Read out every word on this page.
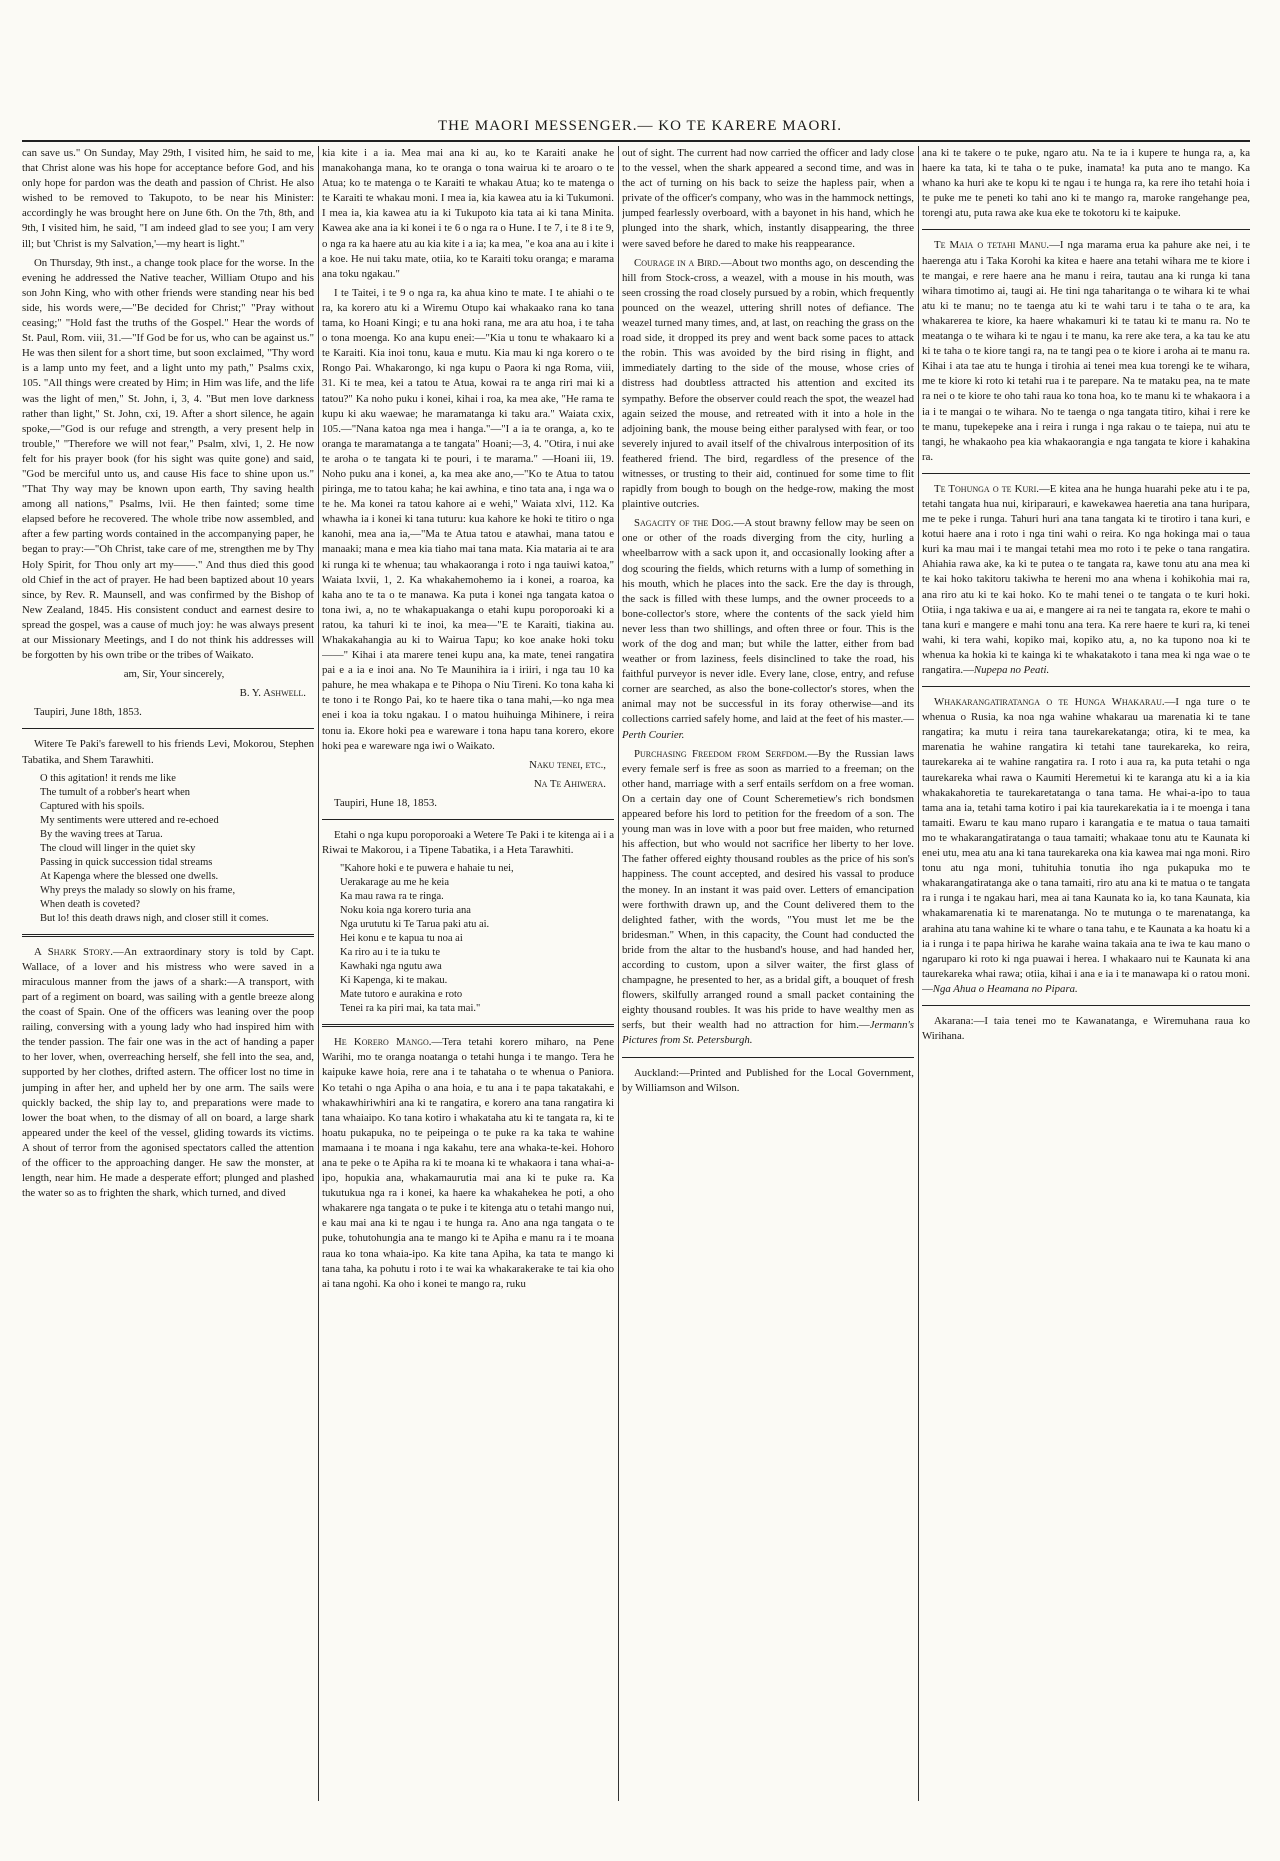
THE MAORI MESSENGER.— KO TE KARERE MAORI.

can save us." On Sunday, May 29th, I visited him, he said to me, that Christ alone was his hope for acceptance before God, and his only hope for pardon was the death and passion of Christ. He also wished to be removed to Takupoto, to be near his Minister: accordingly he was brought here on June 6th. On the 7th, 8th, and 9th, I visited him, he said, "I am indeed glad to see you; I am very ill; but 'Christ is my Salvation,'—my heart is light."

On Thursday, 9th inst., a change took place for the worse. In the evening he addressed the Native teacher, William Otupo and his son John King, who with other friends were standing near his bed side, his words were,—"Be decided for Christ;" "Pray without ceasing;" "Hold fast the truths of the Gospel." Hear the words of St. Paul, Rom. viii, 31.—"If God be for us, who can be against us." He was then silent for a short time, but soon exclaimed, "Thy word is a lamp unto my feet, and a light unto my path," Psalms cxix, 105. "All things were created by Him; in Him was life, and the life was the light of men," St. John, i, 3, 4. "But men love darkness rather than light," St. John, cxi, 19. After a short silence, he again spoke,—"God is our refuge and strength, a very present help in trouble," "Therefore we will not fear," Psalm, xlvi, 1, 2. He now felt for his prayer book (for his sight was quite gone) and said, "God be merciful unto us, and cause His face to shine upon us." "That Thy way may be known upon earth, Thy saving health among all nations," Psalms, lvii. He then fainted; some time elapsed before he recovered. The whole tribe now assembled, and after a few parting words contained in the accompanying paper, he began to pray:—"Oh Christ, take care of me, strengthen me by Thy Holy Spirit, for Thou only art my——." And thus died this good old Chief in the act of prayer. He had been baptized about 10 years since, by Rev. R. Maunsell, and was confirmed by the Bishop of New Zealand, 1845. His consistent conduct and earnest desire to spread the gospel, was a cause of much joy: he was always present at our Missionary Meetings, and I do not think his addresses will be forgotten by his own tribe or the tribes of Waikato.

am, Sir, Your sincerely,

B. Y. Ashwell.

Taupiri, June 18th, 1853.

Witere Te Paki's farewell to his friends Levi, Mokorou, Stephen Tabatika, and Shem Tarawhiti.

O this agitation! it rends me like
The tumult of a robber's heart when
Captured with his spoils.
My sentiments were uttered and re-echoed
By the waving trees at Tarua.
The cloud will linger in the quiet sky
Passing in quick succession tidal streams
At Kapenga where the blessed one dwells.
Why preys the malady so slowly on his frame,
When death is coveted?
But lo! this death draws nigh, and closer still it comes.

A Shark Story.—An extraordinary story is told by Capt. Wallace, of a lover and his mistress who were saved in a miraculous manner from the jaws of a shark:—A transport, with part of a regiment on board, was sailing with a gentle breeze along the coast of Spain. One of the officers was leaning over the poop railing, conversing with a young lady who had inspired him with the tender passion. The fair one was in the act of handing a paper to her lover, when, overreaching herself, she fell into the sea, and, supported by her clothes, drifted astern. The officer lost no time in jumping in after her, and upheld her by one arm. The sails were quickly backed, the ship lay to, and preparations were made to lower the boat when, to the dismay of all on board, a large shark appeared under the keel of the vessel, gliding towards its victims. A shout of terror from the agonised spectators called the attention of the officer to the approaching danger. He saw the monster, at length, near him. He made a desperate effort; plunged and plashed the water so as to frighten the shark, which turned, and dived

kia kite i a ia. Mea mai ana ki au, ko te Karaiti anake he manakohanga mana, ko te oranga o tona wairua ki te aroaro o te Atua; ko te matenga o te Karaiti te whakau Atua; ko te matenga o te Karaiti te whakau moni. I mea ia, kia kawea atu ia ki Tukumoni. I mea ia, kia kawea atu ia ki Tukupoto kia tata ai ki tana Minita. Kawea ake ana ia ki konei i te 6 o nga ra o Hune. I te 7, i te 8 i te 9, o nga ra ka haere atu au kia kite i a ia; ka mea, "e koa ana au i kite i a koe. He nui taku mate, otiia, ko te Karaiti toku oranga; e marama ana toku ngakau."

I te Taitei, i te 9 o nga ra, ka ahua kino te mate. I te ahiahi o te ra, ka korero atu ki a Wiremu Otupo kai whakaako rana ko tana tama, ko Hoani Kingi; e tu ana hoki rana, me ara atu hoa, i te taha o tona moenga. Ko ana kupu enei:—"Kia u tonu te whakaaro ki a te Karaiti. Kia inoi tonu, kaua e mutu. Kia mau ki nga korero o te Rongo Pai. Whakarongo, ki nga kupu o Paora ki nga Roma, viii, 31. Ki te mea, kei a tatou te Atua, kowai ra te anga riri mai ki a tatou?" Ka noho puku i konei, kihai i roa, ka mea ake, "He rama te kupu ki aku waewae; he maramatanga ki taku ara." Waiata cxix, 105.—"Nana katoa nga mea i hanga."—"I a ia te oranga, a, ko te oranga te maramatanga a te tangata" Hoani;—3, 4. "Otira, i nui ake te aroha o te tangata ki te pouri, i te marama." —Hoani iii, 19. Noho puku ana i konei, a, ka mea ake ano,—"Ko te Atua to tatou piringa, me to tatou kaha; he kai awhina, e tino tata ana, i nga wa o te he. Ma konei ra tatou kahore ai e wehi," Waiata xlvi, 112. Ka whawha ia i konei ki tana tuturu: kua kahore ke hoki te titiro o nga kanohi, mea ana ia,—"Ma te Atua tatou e atawhai, mana tatou e manaaki; mana e mea kia tiaho mai tana mata. Kia mataria ai te ara ki runga ki te whenua; tau whakaoranga i roto i nga tauiwi katoa," Waiata lxvii, 1, 2. Ka whakahemohemo ia i konei, a roaroa, ka kaha ano te ta o te manawa. Ka puta i konei nga tangata katoa o tona iwi, a, no te whakapuakanga o etahi kupu poroporoaki ki a ratou, ka tahuri ki te inoi, ka mea—"E te Karaiti, tiakina au. Whakakahangia au ki to Wairua Tapu; ko koe anake hoki toku——" Kihai i ata marere tenei kupu ana, ka mate, tenei rangatira pai e a ia e inoi ana. No Te Maunihira ia i iriiri, i nga tau 10 ka pahure, he mea whakapa e te Pihopa o Niu Tireni. Ko tona kaha ki te tono i te Rongo Pai, ko te haere tika o tana mahi,—ko nga mea enei i koa ia toku ngakau. I o matou huihuinga Mihinere, i reira tonu ia. Ekore hoki pea e wareware i tona hapu tana korero, ekore hoki pea e wareware nga iwi o Waikato.

Naku tenei, etc.,

Na Te Ahiwera.

Taupiri, Hune 18, 1853.

Etahi o nga kupu poroporoaki a Wetere Te Paki i te kitenga ai i a Riwai te Makorou, i a Tipene Tabatika, i a Heta Tarawhiti.

"Kahore hoki e te puwera e hahaie tu nei,
Uerakarage au me he keia
Ka mau rawa ra te ringa.
Noku koia nga korero turia ana
Nga urututu ki Te Tarua paki atu ai.
Hei konu e te kapua tu noa ai
Ka riro au i te ia tuku te
Kawhaki nga ngutu awa
Ki Kapenga, ki te makau.
Mate tutoro e aurakina e roto
Tenei ra ka piri mai, ka tata mai."

He Korero Mango.—Tera tetahi korero miharo, na Pene Warihi, mo te oranga noatanga o tetahi hunga i te mango. Tera he kaipuke kawe hoia, rere ana i te tahataha o te whenua o Paniora. Ko tetahi o nga Apiha o ana hoia, e tu ana i te papa takatakahi, e whakawhiriwhiri ana ki te rangatira, e korero ana tana rangatira ki tana whaiaipo. Ko tana kotiro i whakataha atu ki te tangata ra, ki te hoatu pukapuka, no te peipeinga o te puke ra ka taka te wahine mamaana i te moana i nga kakahu, tere ana whaka-te-kei. Hohoro ana te peke o te Apiha ra ki te moana ki te whakaora i tana whai-a-ipo, hopukia ana, whakamaurutia mai ana ki te puke ra. Ka tukutukua nga ra i konei, ka haere ka whakahekea he poti, a oho whakarere nga tangata o te puke i te kitenga atu o tetahi mango nui, e kau mai ana ki te ngau i te hunga ra. Ano ana nga tangata o te puke, tohutohungia ana te mango ki te Apiha e manu ra i te moana raua ko tona whaia-ipo. Ka kite tana Apiha, ka tata te mango ki tana taha, ka pohutu i roto i te wai ka whakarakerake te tai kia oho ai tana ngohi. Ka oho i konei te mango ra, ruku

out of sight. The current had now carried the officer and lady close to the vessel, when the shark appeared a second time, and was in the act of turning on his back to seize the hapless pair, when a private of the officer's company, who was in the hammock nettings, jumped fearlessly overboard, with a bayonet in his hand, which he plunged into the shark, which, instantly disappearing, the three were saved before he dared to make his reappearance.

Courage in a Bird.—About two months ago, on descending the hill from Stock-cross, a weazel, with a mouse in his mouth, was seen crossing the road closely pursued by a robin, which frequently pounced on the weazel, uttering shrill notes of defiance. The weazel turned many times, and, at last, on reaching the grass on the road side, it dropped its prey and went back some paces to attack the robin. This was avoided by the bird rising in flight, and immediately darting to the side of the mouse, whose cries of distress had doubtless attracted his attention and excited its sympathy. Before the observer could reach the spot, the weazel had again seized the mouse, and retreated with it into a hole in the adjoining bank, the mouse being either paralysed with fear, or too severely injured to avail itself of the chivalrous interposition of its feathered friend. The bird, regardless of the presence of the witnesses, or trusting to their aid, continued for some time to flit rapidly from bough to bough on the hedge-row, making the most plaintive outcries.

Sagacity of the Dog.—A stout brawny fellow may be seen on one or other of the roads diverging from the city, hurling a wheelbarrow with a sack upon it, and occasionally looking after a dog scouring the fields, which returns with a lump of something in his mouth, which he places into the sack. Ere the day is through, the sack is filled with these lumps, and the owner proceeds to a bone-collector's store, where the contents of the sack yield him never less than two shillings, and often three or four. This is the work of the dog and man; but while the latter, either from bad weather or from laziness, feels disinclined to take the road, his faithful purveyor is never idle. Every lane, close, entry, and refuse corner are searched, as also the bone-collector's stores, when the animal may not be successful in its foray otherwise—and its collections carried safely home, and laid at the feet of his master.—Perth Courier.

Purchasing Freedom from Serfdom.—By the Russian laws every female serf is free as soon as married to a freeman; on the other hand, marriage with a serf entails serfdom on a free woman. On a certain day one of Count Scheremetiew's rich bondsmen appeared before his lord to petition for the freedom of a son. The young man was in love with a poor but free maiden, who returned his affection, but who would not sacrifice her liberty to her love. The father offered eighty thousand roubles as the price of his son's happiness. The count accepted, and desired his vassal to produce the money. In an instant it was paid over. Letters of emancipation were forthwith drawn up, and the Count delivered them to the delighted father, with the words, "You must let me be the bridesman." When, in this capacity, the Count had conducted the bride from the altar to the husband's house, and had handed her, according to custom, upon a silver waiter, the first glass of champagne, he presented to her, as a bridal gift, a bouquet of fresh flowers, skilfully arranged round a small packet containing the eighty thousand roubles. It was his pride to have wealthy men as serfs, but their wealth had no attraction for him.—Jermann's Pictures from St. Petersburgh.

Auckland:—Printed and Published for the Local Government, by Williamson and Wilson.

ana ki te takere o te puke, ngaro atu. Na te ia i kupere te hunga ra, a, ka haere ka tata, ki te taha o te puke, inamata! ka puta ano te mango. Ka whano ka huri ake te kopu ki te ngau i te hunga ra, ka rere iho tetahi hoia i te puke me te peneti ko tahi ano ki te mango ra, maroke rangehange pea, torengi atu, puta rawa ake kua eke te tokotoru ki te kaipuke.

Te Maia o tetahi Manu.—I nga marama erua ka pahure ake nei, i te haerenga atu i Taka Korohi ka kitea e haere ana tetahi wihara me te kiore i te mangai, e rere haere ana he manu i reira, tautau ana ki runga ki tana wihara timotimo ai, taugi ai. He tini nga taharitanga o te wihara ki te whai atu ki te manu; no te taenga atu ki te wahi taru i te taha o te ara, ka whakarerea te kiore, ka haere whakamuri ki te tatau ki te manu ra. No te meatanga o te wihara ki te ngau i te manu, ka rere ake tera, a ka tau ke atu ki te taha o te kiore tangi ra, na te tangi pea o te kiore i aroha ai te manu ra. Kihai i ata tae atu te hunga i tirohia ai tenei mea kua torengi ke te wihara, me te kiore ki roto ki tetahi rua i te parepare. Na te mataku pea, na te mate ra nei o te kiore te oho tahi raua ko tona hoa, ko te manu ki te whakaora i a ia i te mangai o te wihara. No te taenga o nga tangata titiro, kihai i rere ke te manu, tupekepeke ana i reira i runga i nga rakau o te taiepa, nui atu te tangi, he whakaoho pea kia whakaorangia e nga tangata te kiore i kahakina ra.

Te Tohunga o te Kuri.—E kitea ana he hunga huarahi peke atu i te pa, tetahi tangata hua nui, kiriparauri, e kawekawea haeretia ana tana huripara, me te peke i runga. Tahuri huri ana tana tangata ki te tirotiro i tana kuri, e kotui haere ana i roto i nga tini wahi o reira. Ko nga hokinga mai o taua kuri ka mau mai i te mangai tetahi mea mo roto i te peke o tana rangatira. Ahiahia rawa ake, ka ki te putea o te tangata ra, kawe tonu atu ana mea ki te kai hoko takitoru takiwha te hereni mo ana whena i kohikohia mai ra, ana riro atu ki te kai hoko. Ko te mahi tenei o te tangata o te kuri hoki. Otiia, i nga takiwa e ua ai, e mangere ai ra nei te tangata ra, ekore te mahi o tana kuri e mangere e mahi tonu ana tera. Ka rere haere te kuri ra, ki tenei wahi, ki tera wahi, kopiko mai, kopiko atu, a, no ka tupono noa ki te whenua ka hokia ki te kainga ki te whakatakoto i tana mea ki nga wae o te rangatira.—Nupepa no Peati.

Whakarangatiratanga o te Hunga Whakarau.—I nga ture o te whenua o Rusia, ka noa nga wahine whakarau ua marenatia ki te tane rangatira; ka mutu i reira tana taurekarekatanga; otira, ki te mea, ka marenatia he wahine rangatira ki tetahi tane taurekareka, ko reira, taurekareka ai te wahine rangatira ra. I roto i aua ra, ka puta tetahi o nga taurekareka whai rawa o Kaumiti Heremetui ki te karanga atu ki a ia kia whakakahoretia te taurekaretatanga o tana tama. He whai-a-ipo to taua tama ana ia, tetahi tama kotiro i pai kia taurekarekatia ia i te moenga i tana tamaiti. Ewaru te kau mano ruparo i karangatia e te matua o taua tamaiti mo te whakarangatiratanga o taua tamaiti; whakaae tonu atu te Kaunata ki enei utu, mea atu ana ki tana taurekareka ona kia kawea mai nga moni. Riro tonu atu nga moni, tuhituhia tonutia iho nga pukapuka mo te whakarangatiratanga ake o tana tamaiti, riro atu ana ki te matua o te tangata ra i runga i te ngakau hari, mea ai tana Kaunata ko ia, ko tana Kaunata, kia whakamarenatia ki te marenatanga. No te mutunga o te marenatanga, ka arahina atu tana wahine ki te whare o tana tahu, e te Kaunata a ka hoatu ki a ia i runga i te papa hiriwa he karahe waina takaia ana te iwa te kau mano o ngaruparo ki roto ki nga puawai i herea. I whakaaro nui te Kaunata ki ana taurekareka whai rawa; otiia, kihai i ana e ia i te manawapa ki o ratou moni.—Nga Ahua o Heamana no Pipara.

Akarana:—I taia tenei mo te Kawanatanga, e Wiremuhana raua ko Wirihana.
